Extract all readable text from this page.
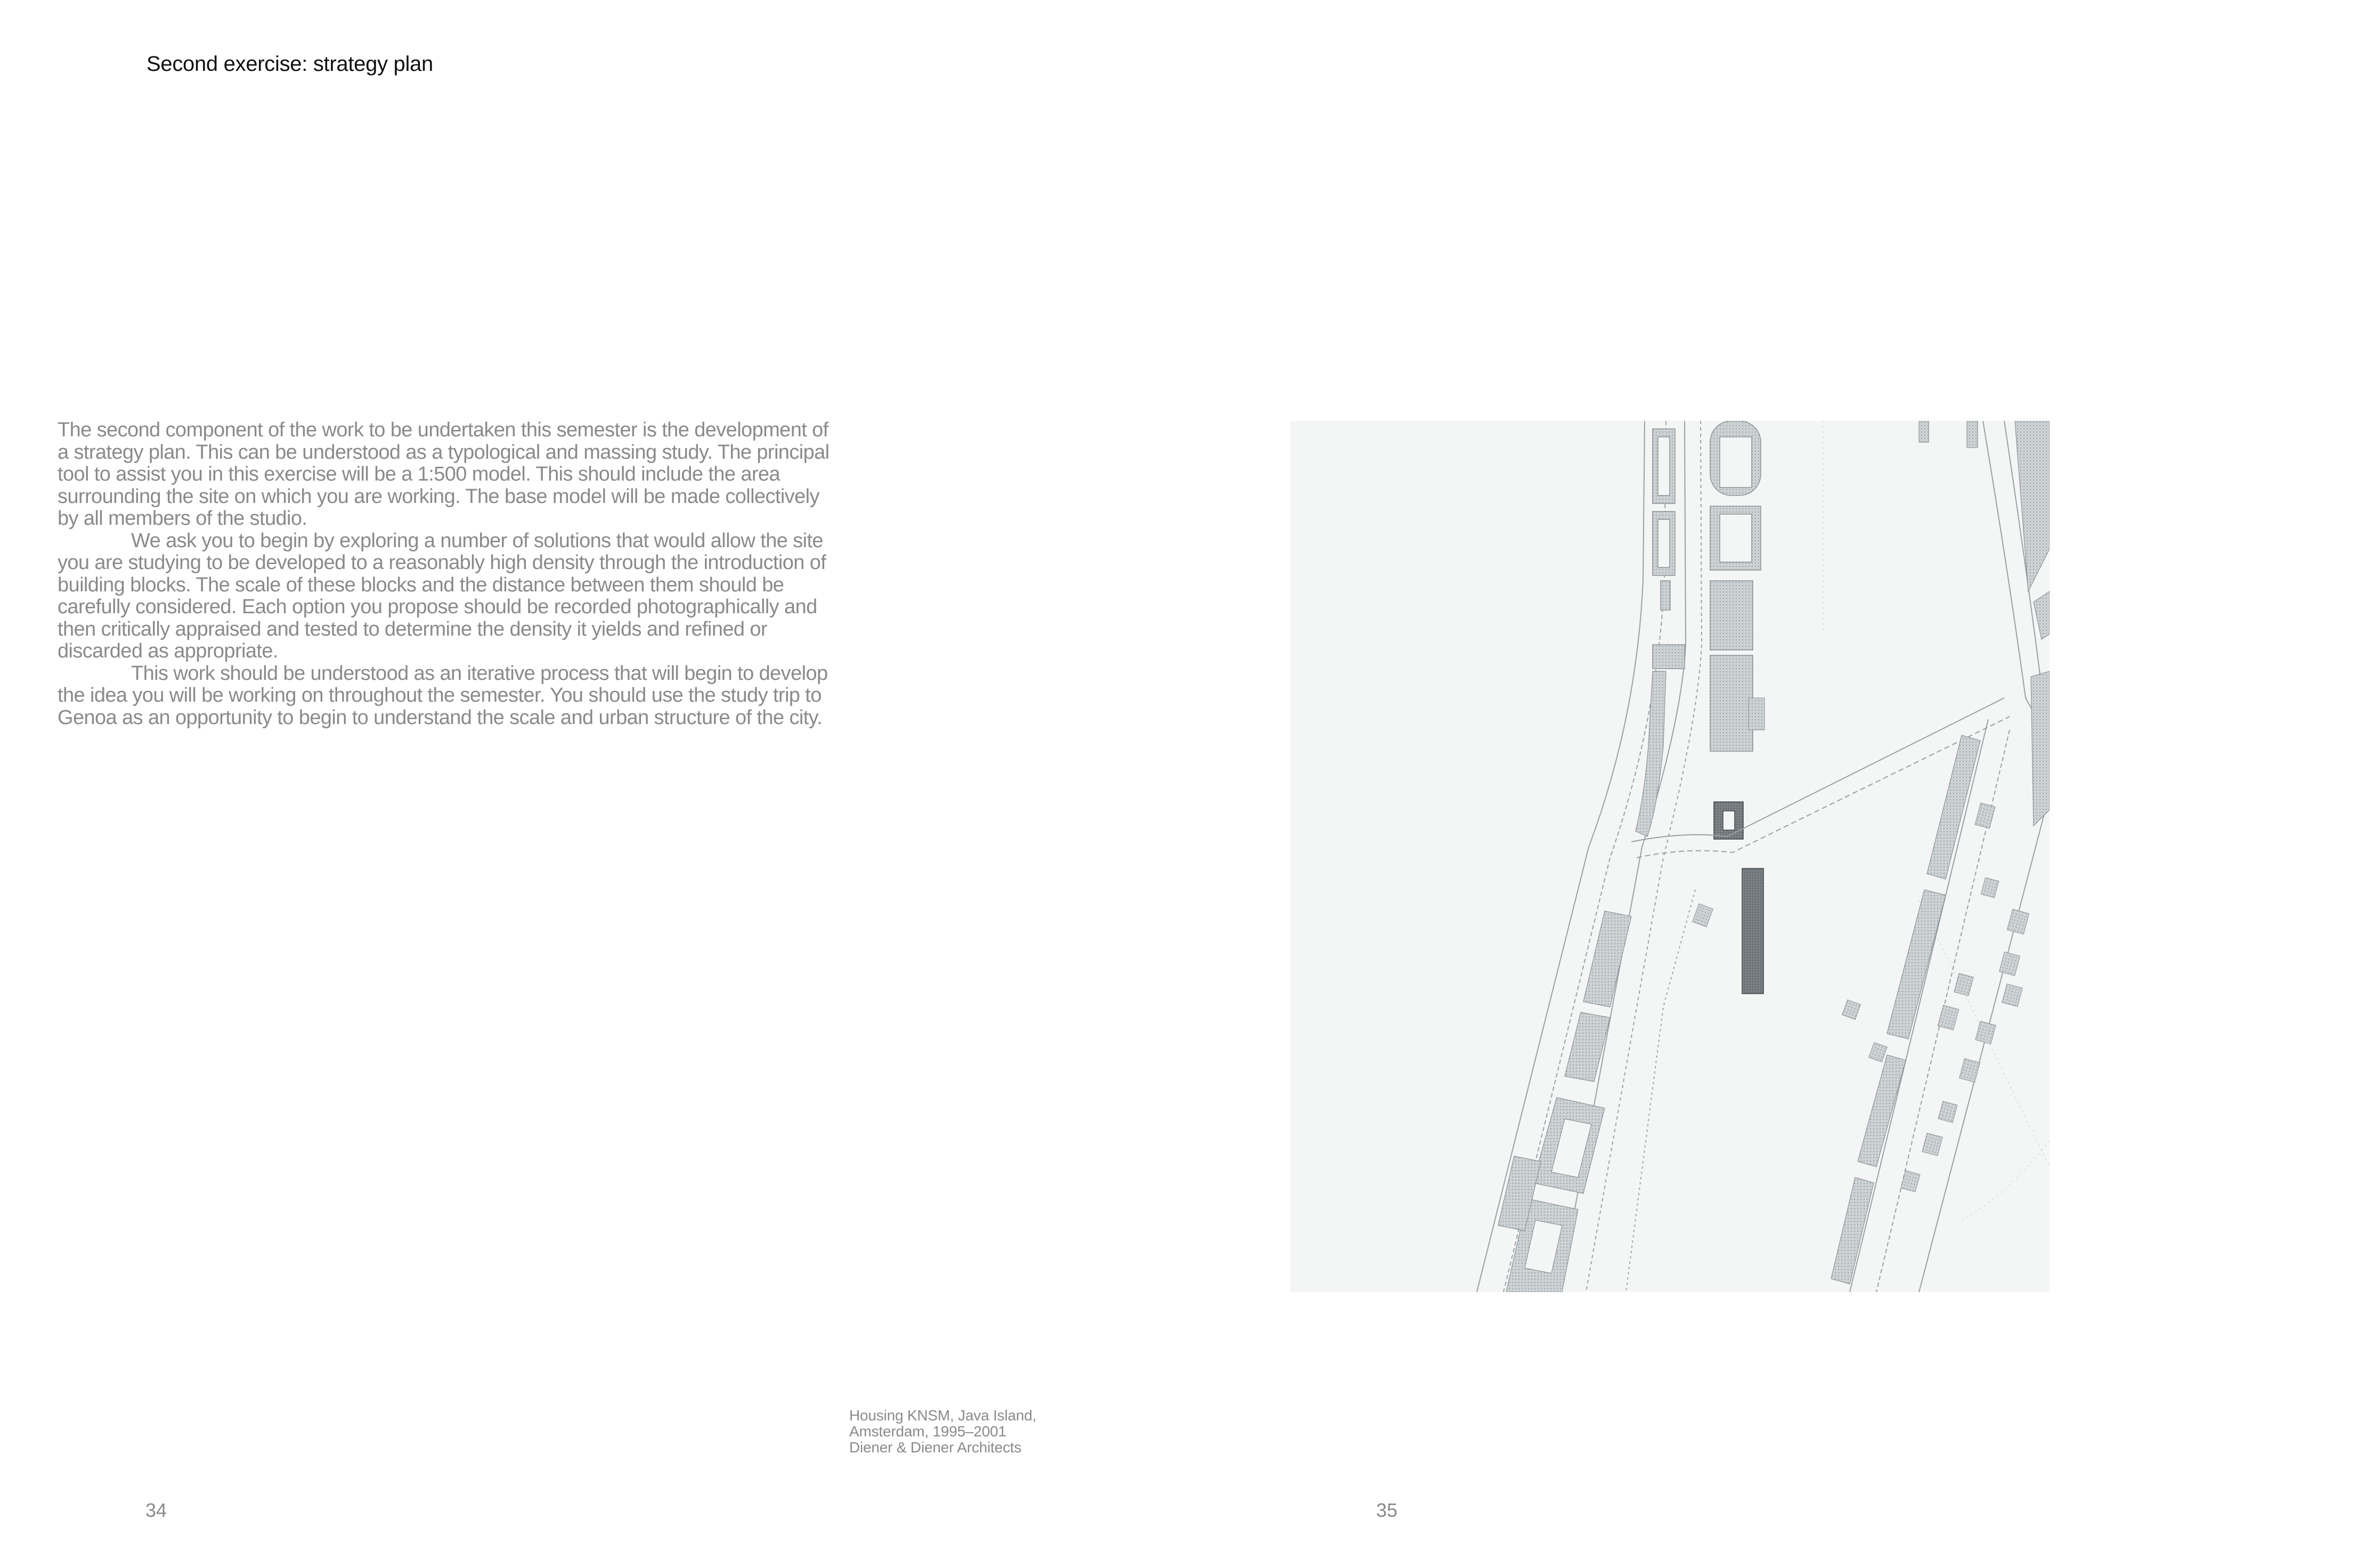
Second exercise: strategy plan

The second component of the work to be undertaken this semester is the development of a strategy plan. This can be understood as a typological and massing study. The principal tool to assist you in this exercise will be a 1:500 model. This should include the area surrounding the site on which you are working. The base model will be made collectively by all members of the studio.

We ask you to begin by exploring a number of solutions that would allow the site you are studying to be developed to a reasonably high density through the introduction of building blocks. The scale of these blocks and the distance between them should be carefully considered. Each option you propose should be recorded photographically and then critically appraised and tested to determine the density it yields and refined or discarded as appropriate.

This work should be understood as an iterative process that will begin to develop the idea you will be working on throughout the semester. You should use the study trip to Genoa as an opportunity to begin to understand the scale and urban structure of the city.

Housing KNSM, Java Island,
Amsterdam, 1995–2001
Diener & Diener Architects
34	35
